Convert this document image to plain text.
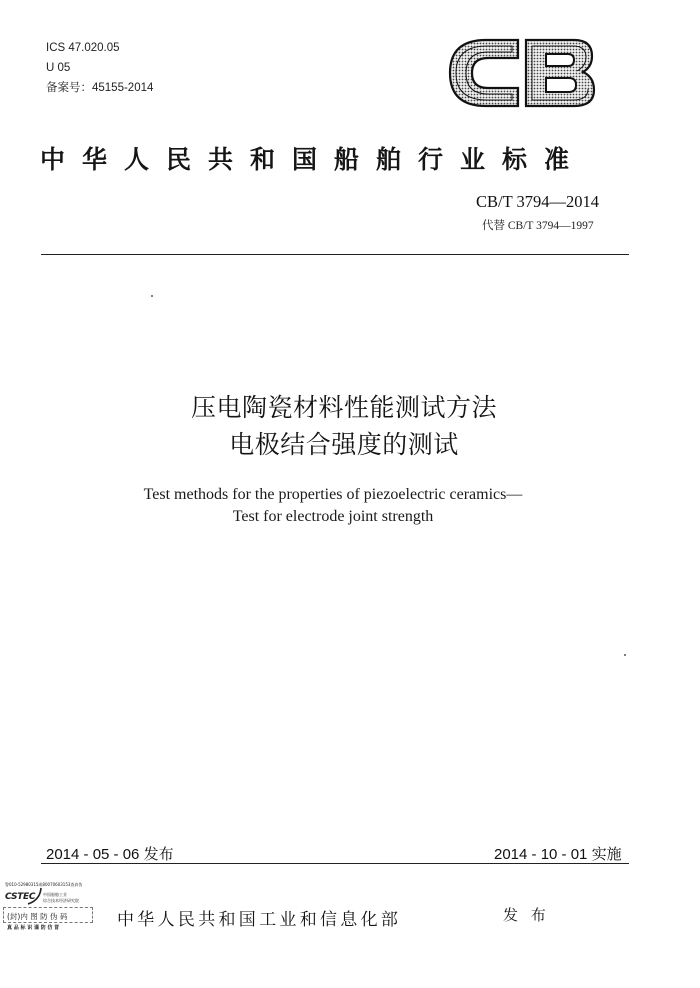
ICS 47.020.05
U 05
备案号：45155-2014
中华人民共和国船舶行业标准
CB/T 3794—2014
代替 CB/T 3794—1997
压电陶瓷材料性能测试方法
电极结合强度的测试
Test methods for the properties of piezoelectric ceramics—
Test for electrode joint strength
2014 - 05 - 06 发布	2014 - 10 - 01 实施
警010-52980315或80070603153查真伪
CSTEC 中国船舶工业
综合技术经济研究院
(封)内 图 防 伪 码
真 品 标 识 谨 防 仿 冒	中华人民共和国工业和信息化部	发 布
